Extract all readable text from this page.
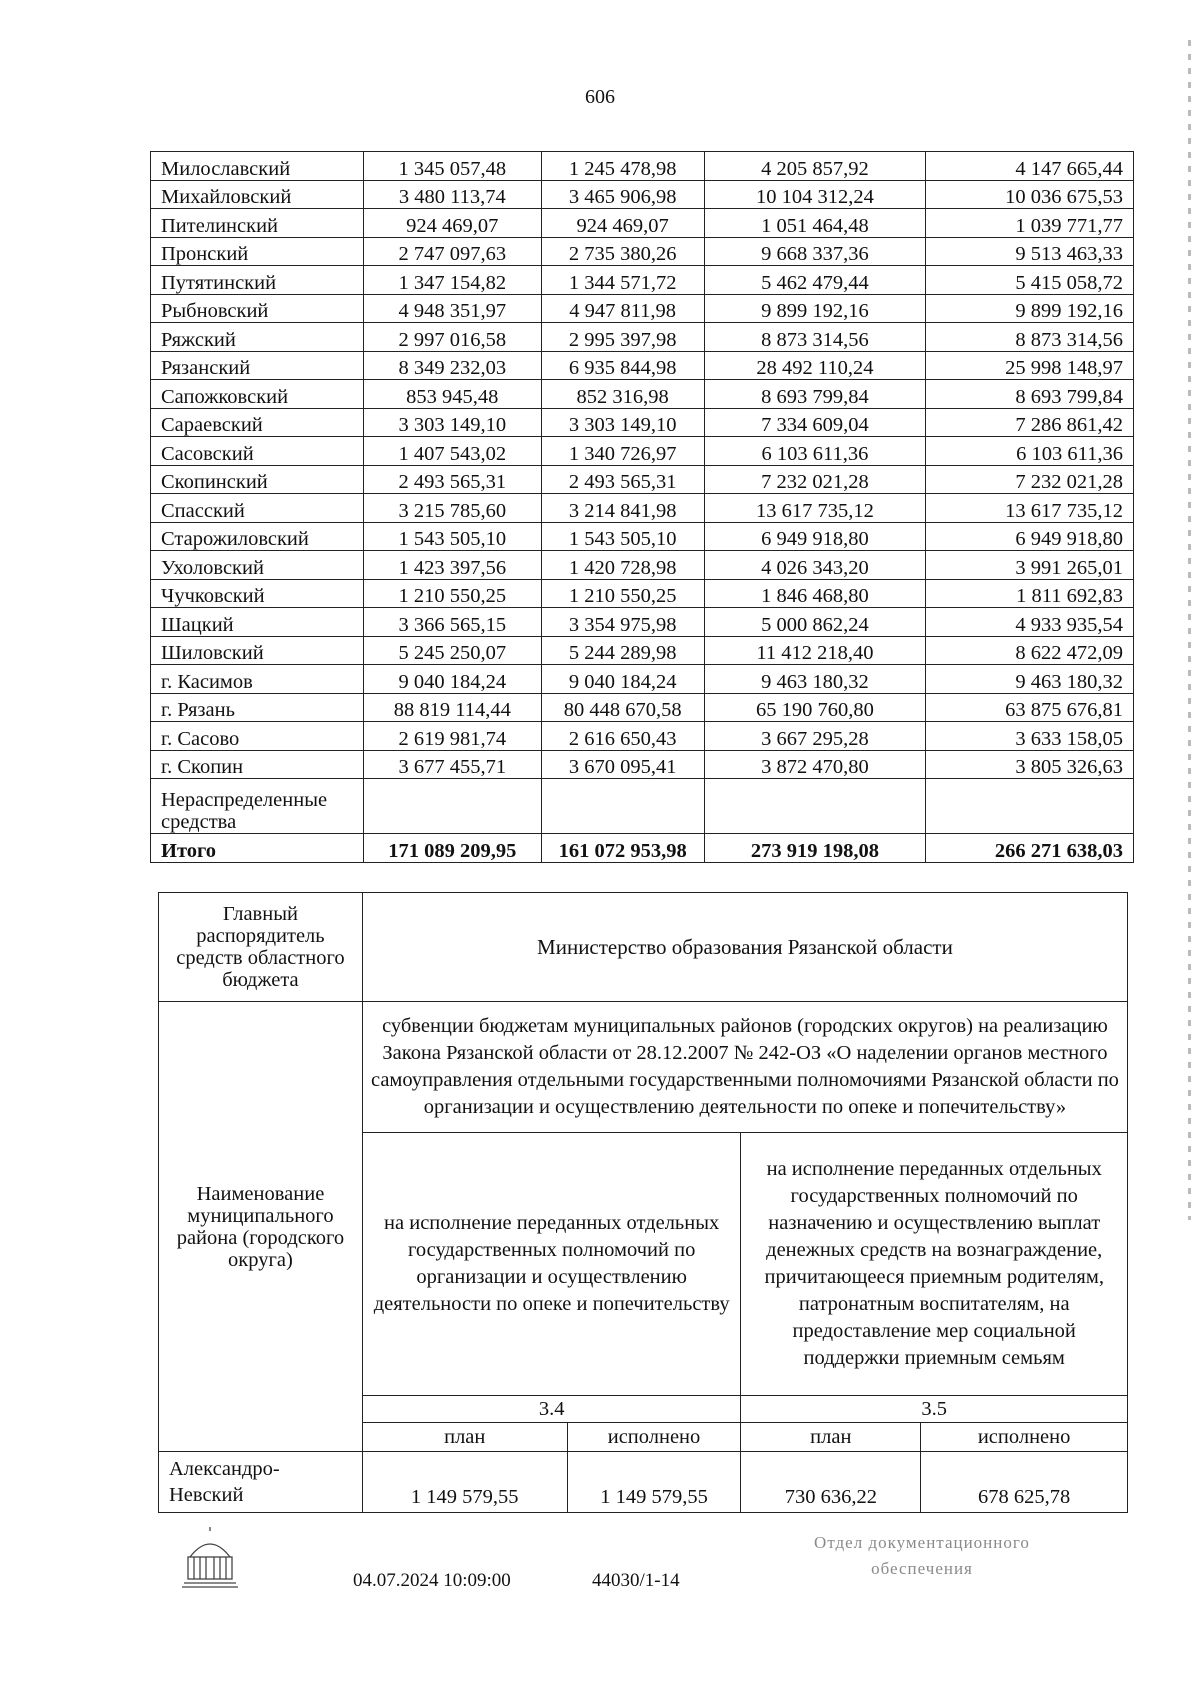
606
Милославский	1 345 057,48	1 245 478,98	4 205 857,92	4 147 665,44
Михайловский	3 480 113,74	3 465 906,98	10 104 312,24	10 036 675,53
Пителинский	924 469,07	924 469,07	1 051 464,48	1 039 771,77
Пронский	2 747 097,63	2 735 380,26	9 668 337,36	9 513 463,33
Путятинский	1 347 154,82	1 344 571,72	5 462 479,44	5 415 058,72
Рыбновский	4 948 351,97	4 947 811,98	9 899 192,16	9 899 192,16
Ряжский	2 997 016,58	2 995 397,98	8 873 314,56	8 873 314,56
Рязанский	8 349 232,03	6 935 844,98	28 492 110,24	25 998 148,97
Сапожковский	853 945,48	852 316,98	8 693 799,84	8 693 799,84
Сараевский	3 303 149,10	3 303 149,10	7 334 609,04	7 286 861,42
Сасовский	1 407 543,02	1 340 726,97	6 103 611,36	6 103 611,36
Скопинский	2 493 565,31	2 493 565,31	7 232 021,28	7 232 021,28
Спасский	3 215 785,60	3 214 841,98	13 617 735,12	13 617 735,12
Старожиловский	1 543 505,10	1 543 505,10	6 949 918,80	6 949 918,80
Ухоловский	1 423 397,56	1 420 728,98	4 026 343,20	3 991 265,01
Чучковский	1 210 550,25	1 210 550,25	1 846 468,80	1 811 692,83
Шацкий	3 366 565,15	3 354 975,98	5 000 862,24	4 933 935,54
Шиловский	5 245 250,07	5 244 289,98	11 412 218,40	8 622 472,09
г. Касимов	9 040 184,24	9 040 184,24	9 463 180,32	9 463 180,32
г. Рязань	88 819 114,44	80 448 670,58	65 190 760,80	63 875 676,81
г. Сасово	2 619 981,74	2 616 650,43	3 667 295,28	3 633 158,05
г. Скопин	3 677 455,71	3 670 095,41	3 872 470,80	3 805 326,63
Нераспределенные
средства				
Итого	171 089 209,95	161 072 953,98	273 919 198,08	266 271 638,03
Главный распорядитель средств областного бюджета	Министерство образования Рязанской области			
Наименование муниципального района (городского округа)	субвенции бюджетам муниципальных районов (городских округов) на реализацию Закона Рязанской области от 28.12.2007 № 242-ОЗ «О наделении органов местного самоуправления отдельными государственными полномочиями Рязанской области по организации и осуществлению деятельности по опеке и попечительству»			
	на исполнение переданных отдельных государственных полномочий по организации и осуществлению деятельности по опеке и попечительству		на исполнение переданных отдельных государственных полномочий по назначению и осуществлению выплат денежных средств на вознаграждение, причитающееся приемным родителям, патронатным воспитателям, на предоставление мер социальной поддержки приемным семьям	
	3.4		3.5	
	план	исполнено	план	исполнено
Александро-
Невский	1 149 579,55	1 149 579,55	730 636,22	678 625,78
04.07.2024 10:09:00	44030/1-14
Отдел документационного
обеспечения
